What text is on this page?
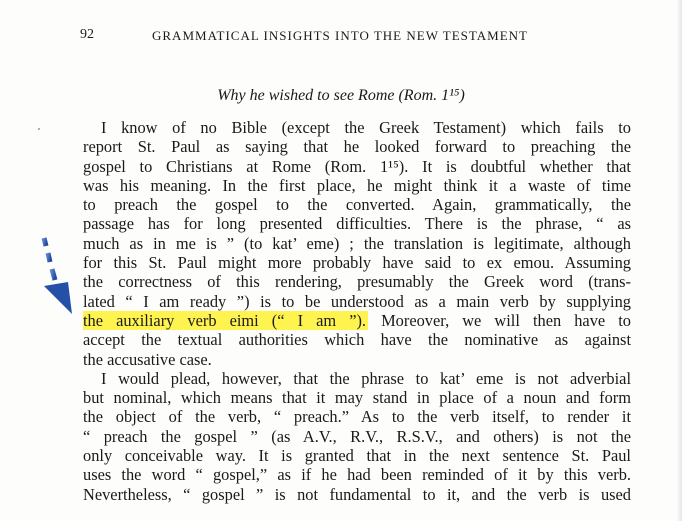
92	GRAMMATICAL INSIGHTS INTO THE NEW TESTAMENT
Why he wished to see Rome (Rom. 1¹⁵)
I know of no Bible (except the Greek Testament) which fails to
report St. Paul as saying that he looked forward to preaching the
gospel to Christians at Rome (Rom. 1¹⁵). It is doubtful whether that
was his meaning. In the first place, he might think it a waste of time
to preach the gospel to the converted. Again, grammatically, the
passage has for long presented difficulties. There is the phrase, “ as
much as in me is ” (to kat’ eme) ; the translation is legitimate, although
for this St. Paul might more probably have said to ex emou. Assuming
the correctness of this rendering, presumably the Greek word (trans-
lated “ I am ready ”) is to be understood as a main verb by supplying
the auxiliary verb eimi (“ I am ”). Moreover, we will then have to
accept the textual authorities which have the nominative as against
the accusative case.
I would plead, however, that the phrase to kat’ eme is not adverbial
but nominal, which means that it may stand in place of a noun and form
the object of the verb, “ preach.” As to the verb itself, to render it
“ preach the gospel ” (as A.V., R.V., R.S.V., and others) is not the
only conceivable way. It is granted that in the next sentence St. Paul
uses the word “ gospel,” as if he had been reminded of it by this verb.
Nevertheless, “ gospel ” is not fundamental to it, and the verb is used
